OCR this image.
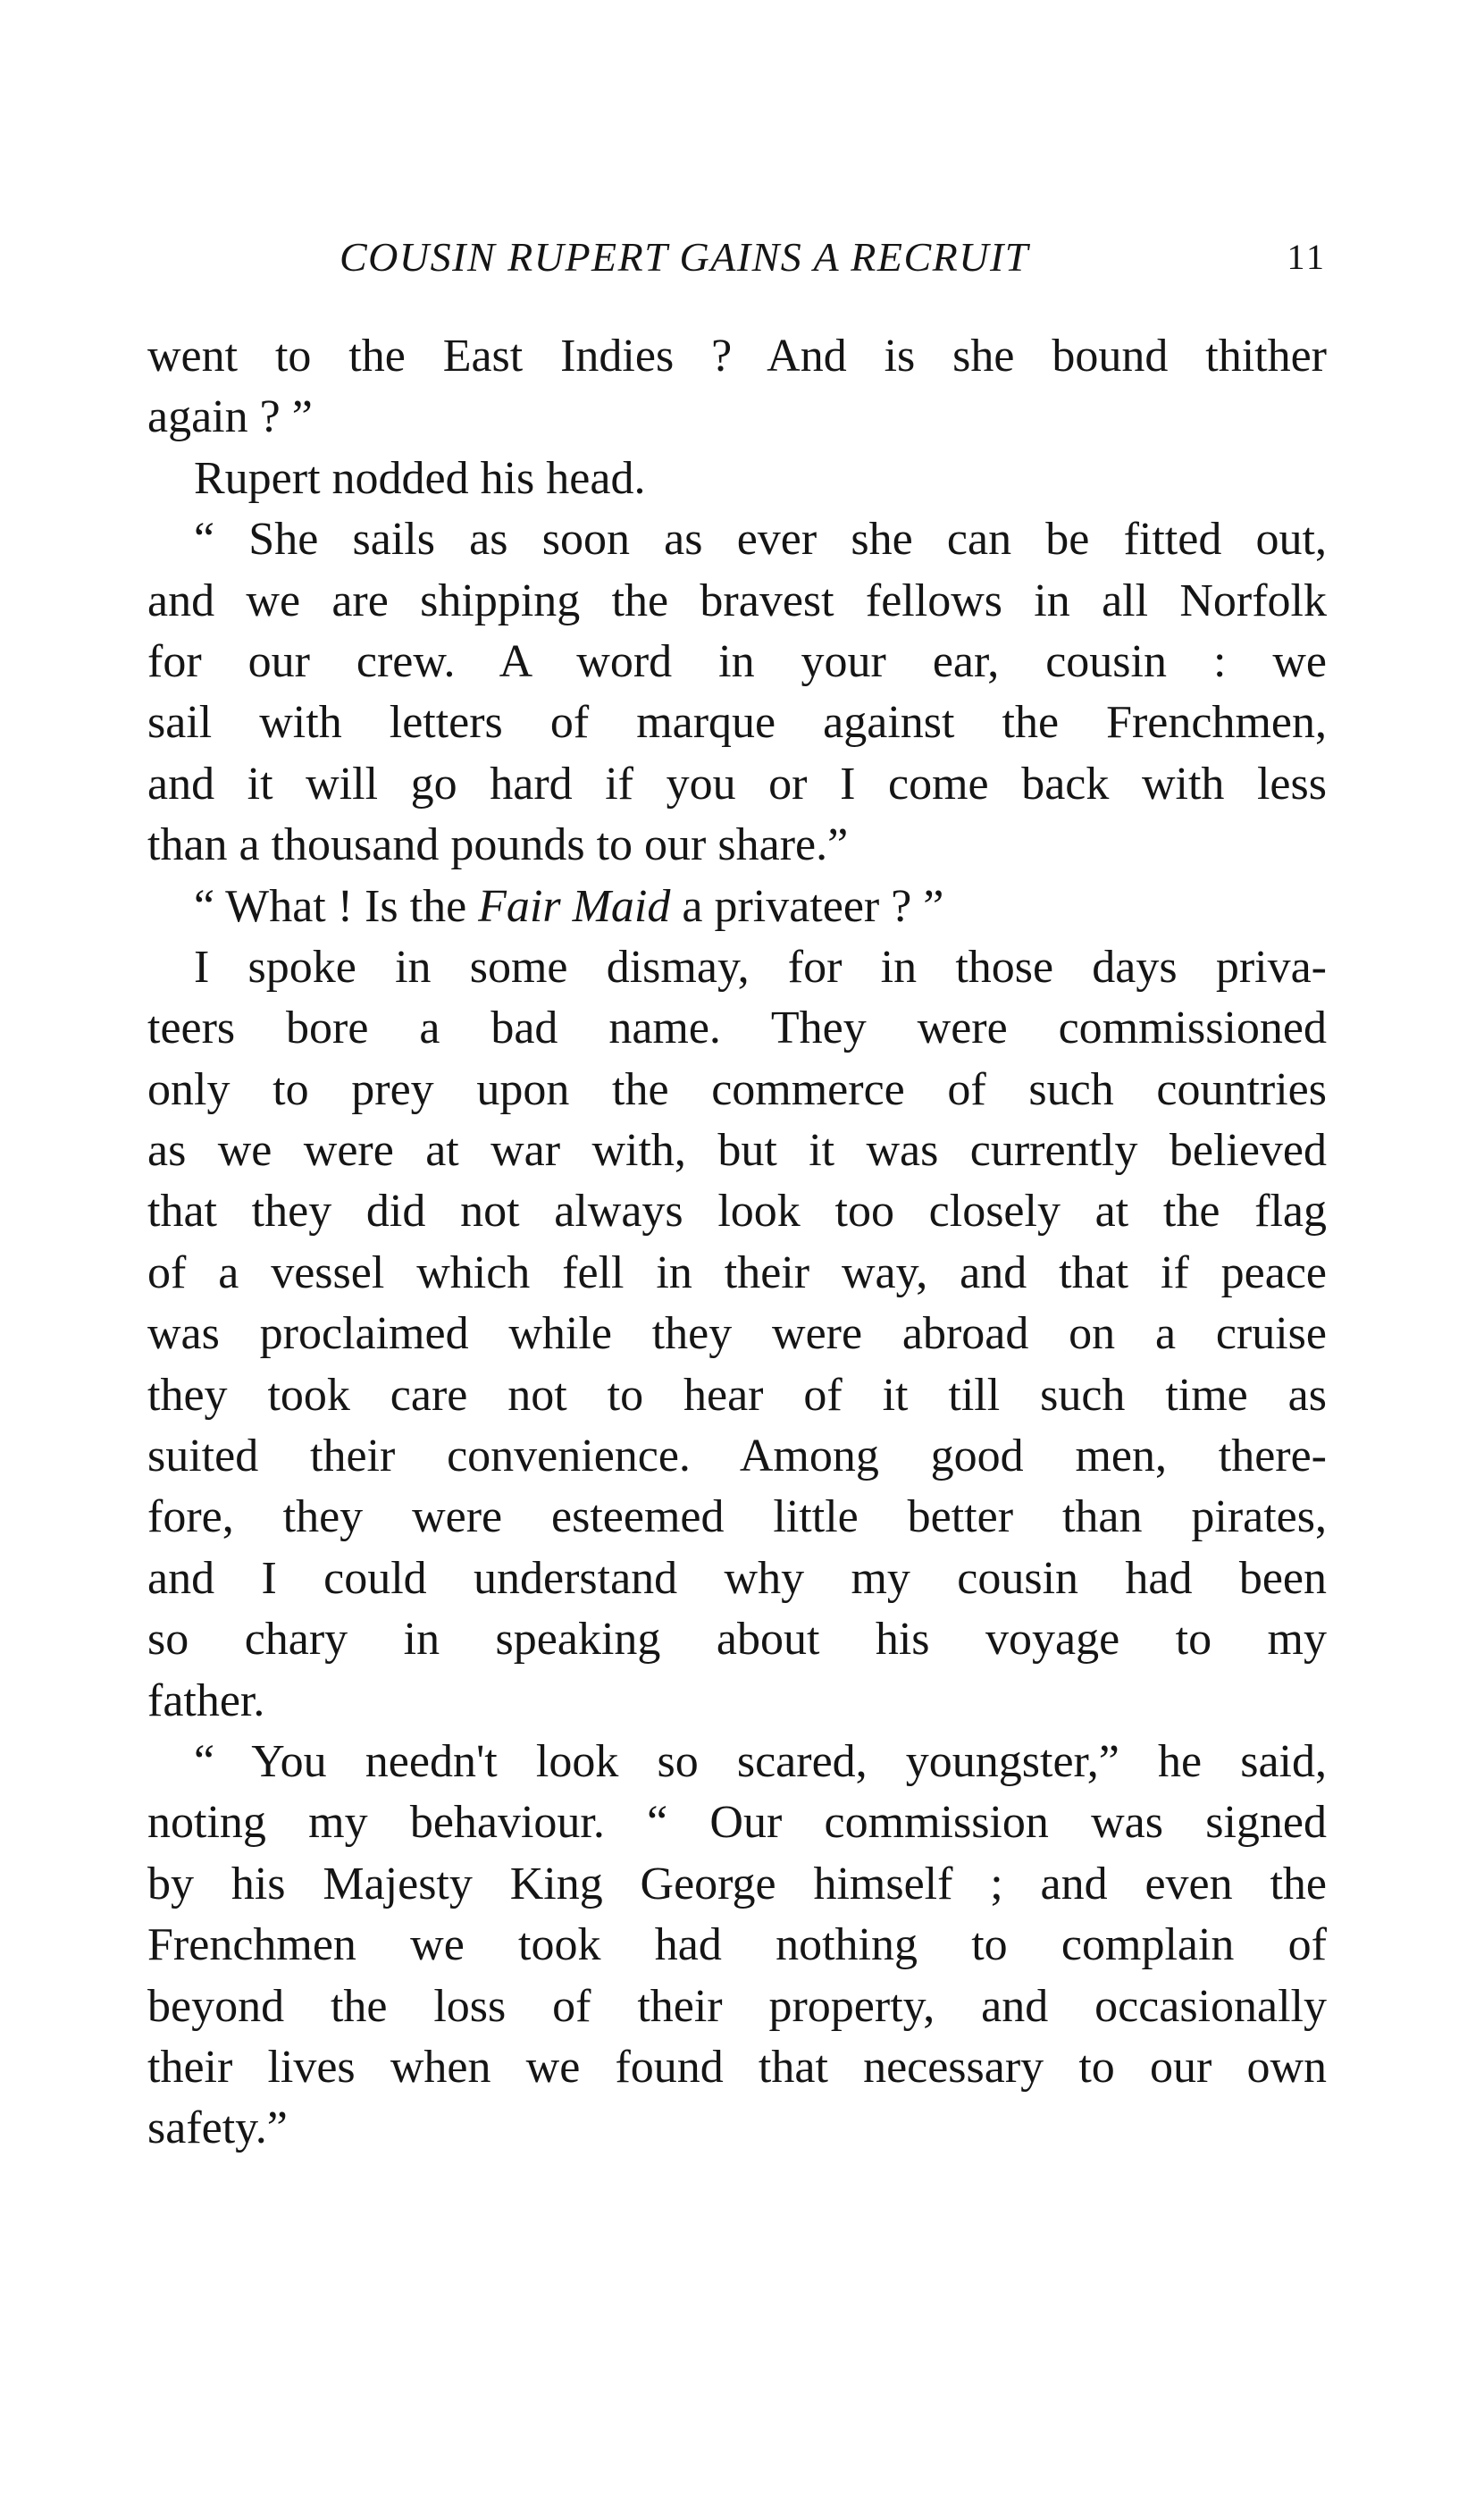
COUSIN RUPERT GAINS A RECRUIT	11
went to the East Indies ? And is she bound thither
again ? ”
Rupert nodded his head.
“ She sails as soon as ever she can be fitted out,
and we are shipping the bravest fellows in all Norfolk
for our crew. A word in your ear, cousin : we
sail with letters of marque against the Frenchmen,
and it will go hard if you or I come back with less
than a thousand pounds to our share.”
“ What ! Is the Fair Maid a privateer ? ”
I spoke in some dismay, for in those days priva-
teers bore a bad name. They were commissioned
only to prey upon the commerce of such countries
as we were at war with, but it was currently believed
that they did not always look too closely at the flag
of a vessel which fell in their way, and that if peace
was proclaimed while they were abroad on a cruise
they took care not to hear of it till such time as
suited their convenience. Among good men, there-
fore, they were esteemed little better than pirates,
and I could understand why my cousin had been
so chary in speaking about his voyage to my
father.
“ You needn't look so scared, youngster,” he said,
noting my behaviour. “ Our commission was signed
by his Majesty King George himself ; and even the
Frenchmen we took had nothing to complain of
beyond the loss of their property, and occasionally
their lives when we found that necessary to our own
safety.”
